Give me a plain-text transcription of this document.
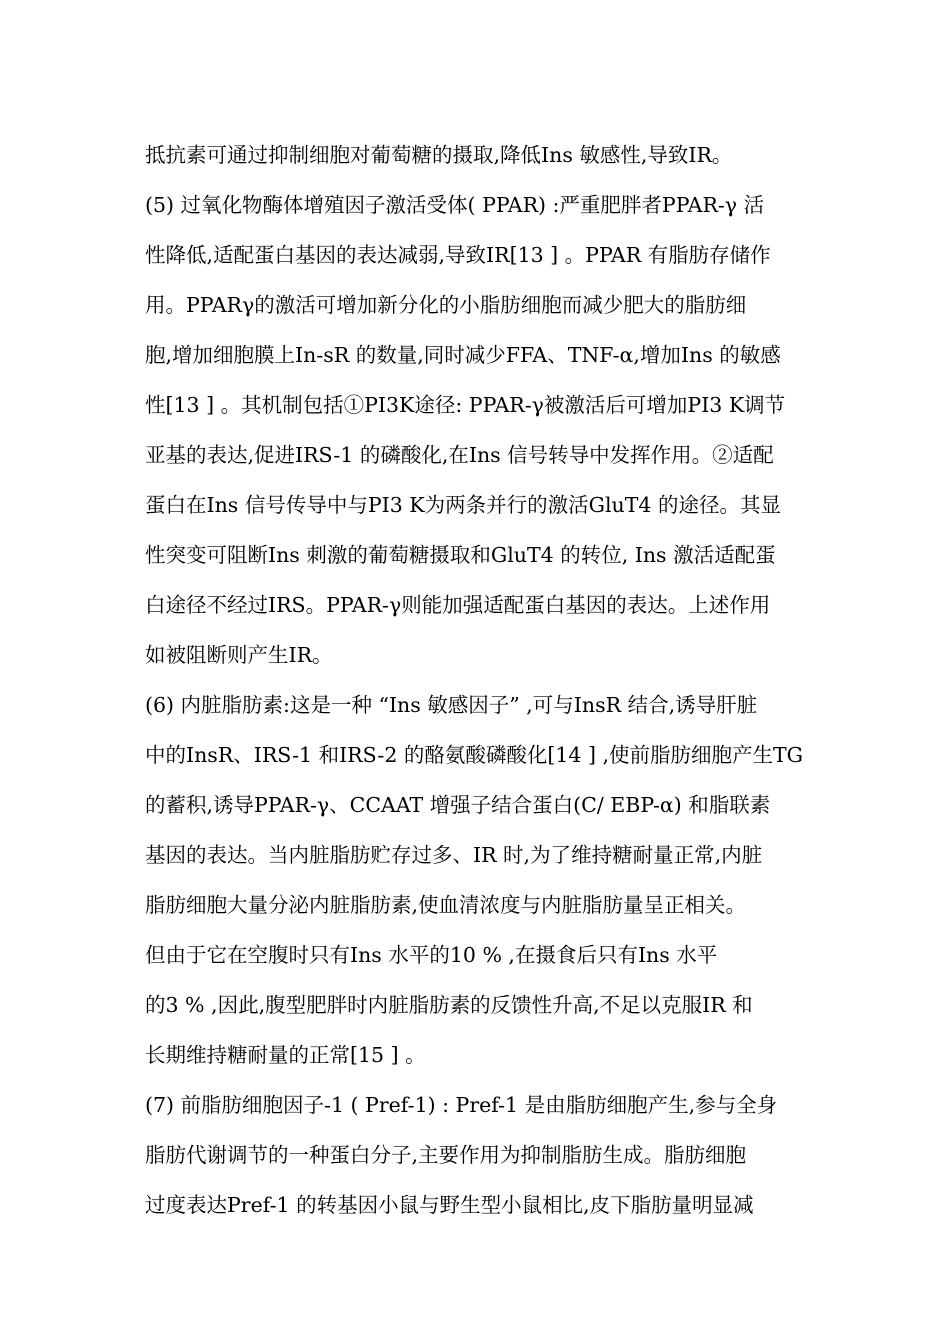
抵抗素可通过抑制细胞对葡萄糖的摄取,降低Ins 敏感性,导致IR。
(5) 过氧化物酶体增殖因子激活受体( PPAR) :严重肥胖者PPAR-γ 活
性降低,适配蛋白基因的表达减弱,导致IR[13 ] 。PPAR 有脂肪存储作
用。PPARγ的激活可增加新分化的小脂肪细胞而减少肥大的脂肪细
胞,增加细胞膜上In-sR 的数量,同时减少FFA、TNF-α,增加Ins 的敏感
性[13 ] 。其机制包括①PI3K途径: PPAR-γ被激活后可增加PI3 K调节
亚基的表达,促进IRS-1 的磷酸化,在Ins 信号转导中发挥作用。②适配
蛋白在Ins 信号传导中与PI3 K为两条并行的激活GluT4 的途径。其显
性突变可阻断Ins 刺激的葡萄糖摄取和GluT4 的转位, Ins 激活适配蛋
白途径不经过IRS。PPAR-γ则能加强适配蛋白基因的表达。上述作用
如被阻断则产生IR。
(6) 内脏脂肪素:这是一种 “Ins 敏感因子” ,可与InsR 结合,诱导肝脏
中的InsR、IRS-1 和IRS-2 的酪氨酸磷酸化[14 ] ,使前脂肪细胞产生TG
的蓄积,诱导PPAR-γ、CCAAT 增强子结合蛋白(C/ EBP-α) 和脂联素
基因的表达。当内脏脂肪贮存过多、IR 时,为了维持糖耐量正常,内脏
脂肪细胞大量分泌内脏脂肪素,使血清浓度与内脏脂肪量呈正相关。
但由于它在空腹时只有Ins 水平的10 % ,在摄食后只有Ins 水平
的3 % ,因此,腹型肥胖时内脏脂肪素的反馈性升高,不足以克服IR 和
长期维持糖耐量的正常[15 ] 。
(7) 前脂肪细胞因子-1 ( Pref-1) : Pref-1 是由脂肪细胞产生,参与全身
脂肪代谢调节的一种蛋白分子,主要作用为抑制脂肪生成。脂肪细胞
过度表达Pref-1 的转基因小鼠与野生型小鼠相比,皮下脂肪量明显减
